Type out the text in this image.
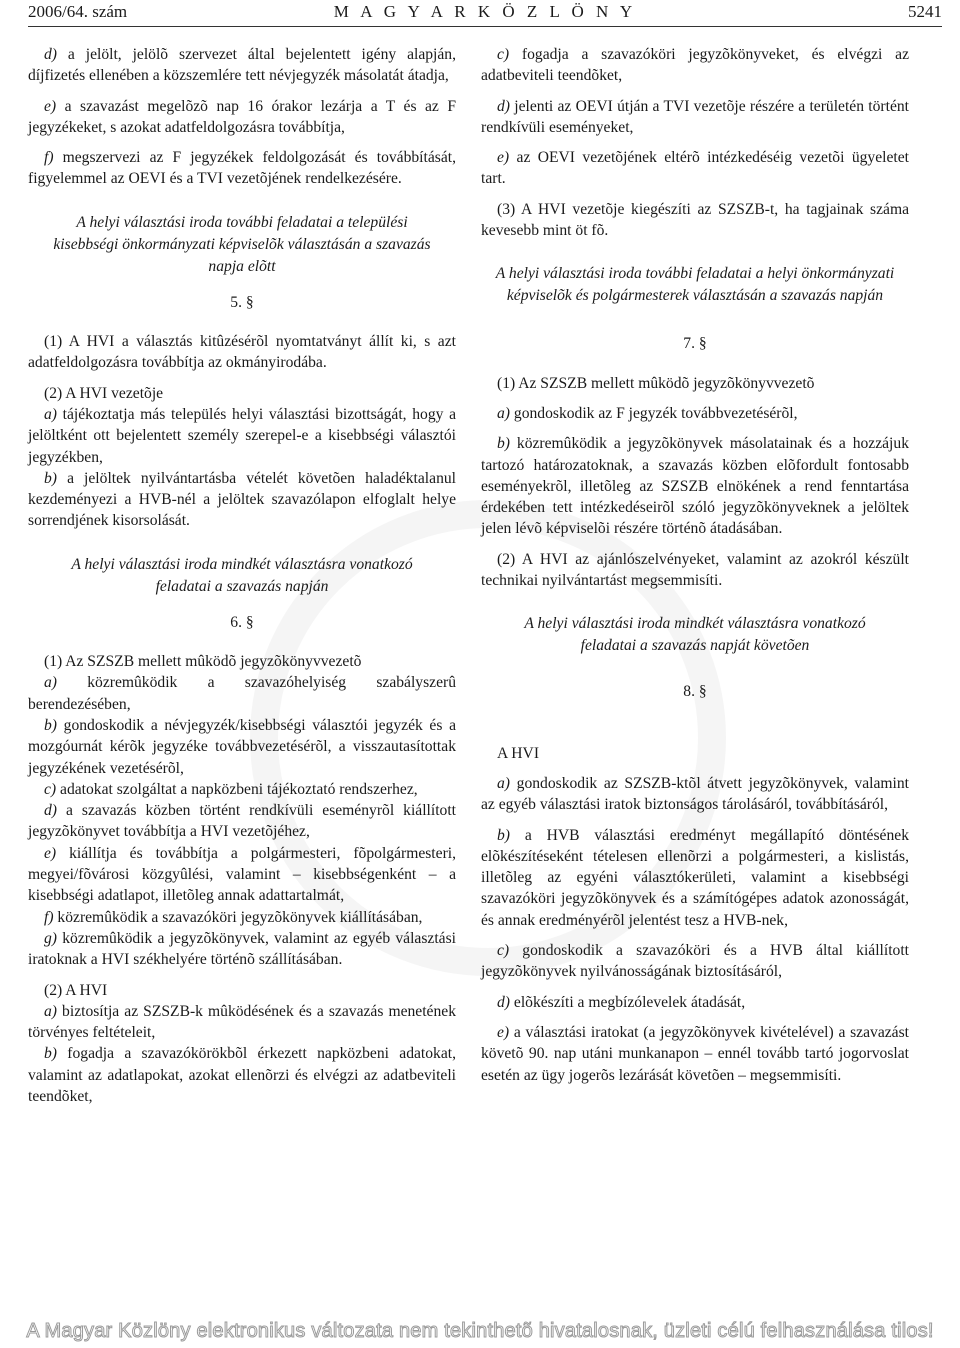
2006/64. szám	M A G Y A R K Ö Z L Ö N Y	5241

d) a jelölt, jelölõ szervezet által bejelentett igény alapján, díjfizetés ellenében a közszemlére tett névjegyzék másolatát átadja,

e) a szavazást megelõzõ nap 16 órakor lezárja a T és az F jegyzékeket, s azokat adatfeldolgozásra továbbítja,

f) megszervezi az F jegyzékek feldolgozását és továbbítását, figyelemmel az OEVI és a TVI vezetõjének rendelkezésére.

A helyi választási iroda további feladatai a települési kisebbségi önkormányzati képviselõk választásán a szavazás napja elõtt
5. §

(1) A HVI a választás kitûzésérõl nyomtatványt állít ki, s azt adatfeldolgozásra továbbítja az okmányirodába.

(2) A HVI vezetõje

a) tájékoztatja más település helyi választási bizottságát, hogy a jelöltként ott bejelentett személy szerepel-e a kisebbségi választói jegyzékben,

b) a jelöltek nyilvántartásba vételét követõen haladéktalanul kezdeményezi a HVB-nél a jelöltek szavazólapon elfoglalt helye sorrendjének kisorsolását.

A helyi választási iroda mindkét választásra vonatkozó feladatai a szavazás napján
6. §

(1) Az SZSZB mellett mûködõ jegyzõkönyvvezetõ

a) közremûködik a szavazóhelyiség szabályszerû berendezésében,

b) gondoskodik a névjegyzék/kisebbségi választói jegyzék és a mozgóurnát kérõk jegyzéke továbbvezetésérõl, a visszautasítottak jegyzékének vezetésérõl,

c) adatokat szolgáltat a napközbeni tájékoztató rendszerhez,

d) a szavazás közben történt rendkívüli eseményrõl kiállított jegyzõkönyvet továbbítja a HVI vezetõjéhez,

e) kiállítja és továbbítja a polgármesteri, fõpolgármesteri, megyei/fõvárosi közgyûlési, valamint – kisebbségenként – a kisebbségi adatlapot, illetõleg annak adattartalmát,

f) közremûködik a szavazóköri jegyzõkönyvek kiállításában,

g) közremûködik a jegyzõkönyvek, valamint az egyéb választási iratoknak a HVI székhelyére történõ szállításában.

(2) A HVI

a) biztosítja az SZSZB-k mûködésének és a szavazás menetének törvényes feltételeit,

b) fogadja a szavazókörökbõl érkezett napközbeni adatokat, valamint az adatlapokat, azokat ellenõrzi és elvégzi az adatbeviteli teendõket,

c) fogadja a szavazóköri jegyzõkönyveket, és elvégzi az adatbeviteli teendõket,

d) jelenti az OEVI útján a TVI vezetõje részére a területén történt rendkívüli eseményeket,

e) az OEVI vezetõjének eltérõ intézkedéséig vezetõi ügyeletet tart.

(3) A HVI vezetõje kiegészíti az SZSZB-t, ha tagjainak száma kevesebb mint öt fõ.

A helyi választási iroda további feladatai a helyi önkormányzati képviselõk és polgármesterek választásán a szavazás napján
7. §

(1) Az SZSZB mellett mûködõ jegyzõkönyvvezetõ

a) gondoskodik az F jegyzék továbbvezetésérõl,

b) közremûködik a jegyzõkönyvek másolatainak és a hozzájuk tartozó határozatoknak, a szavazás közben elõfordult fontosabb eseményekrõl, illetõleg az SZSZB elnökének a rend fenntartása érdekében tett intézkedéseirõl szóló jegyzõkönyveknek a jelöltek jelen lévõ képviselõi részére történõ átadásában.

(2) A HVI az ajánlószelvényeket, valamint az azokról készült technikai nyilvántartást megsemmisíti.

A helyi választási iroda mindkét választásra vonatkozó feladatai a szavazás napját követõen
8. §

A HVI

a) gondoskodik az SZSZB-ktõl átvett jegyzõkönyvek, valamint az egyéb választási iratok biztonságos tárolásáról, továbbításáról,

b) a HVB választási eredményt megállapító döntésének elõkészítéseként tételesen ellenõrzi a polgármesteri, a kislistás, illetõleg az egyéni választókerületi, valamint a kisebbségi szavazóköri jegyzõkönyvek és a számítógépes adatok azonosságát, és annak eredményérõl jelentést tesz a HVB-nek,

c) gondoskodik a szavazóköri és a HVB által kiállított jegyzõkönyvek nyilvánosságának biztosításáról,

d) elõkészíti a megbízólevelek átadását,

e) a választási iratokat (a jegyzõkönyvek kivételével) a szavazást követõ 90. nap utáni munkanapon – ennél tovább tartó jogorvoslat esetén az ügy jogerõs lezárását követõen – megsemmisíti.

A Magyar Közlöny elektronikus változata nem tekinthetõ hivatalosnak, üzleti célú felhasználása tilos!
